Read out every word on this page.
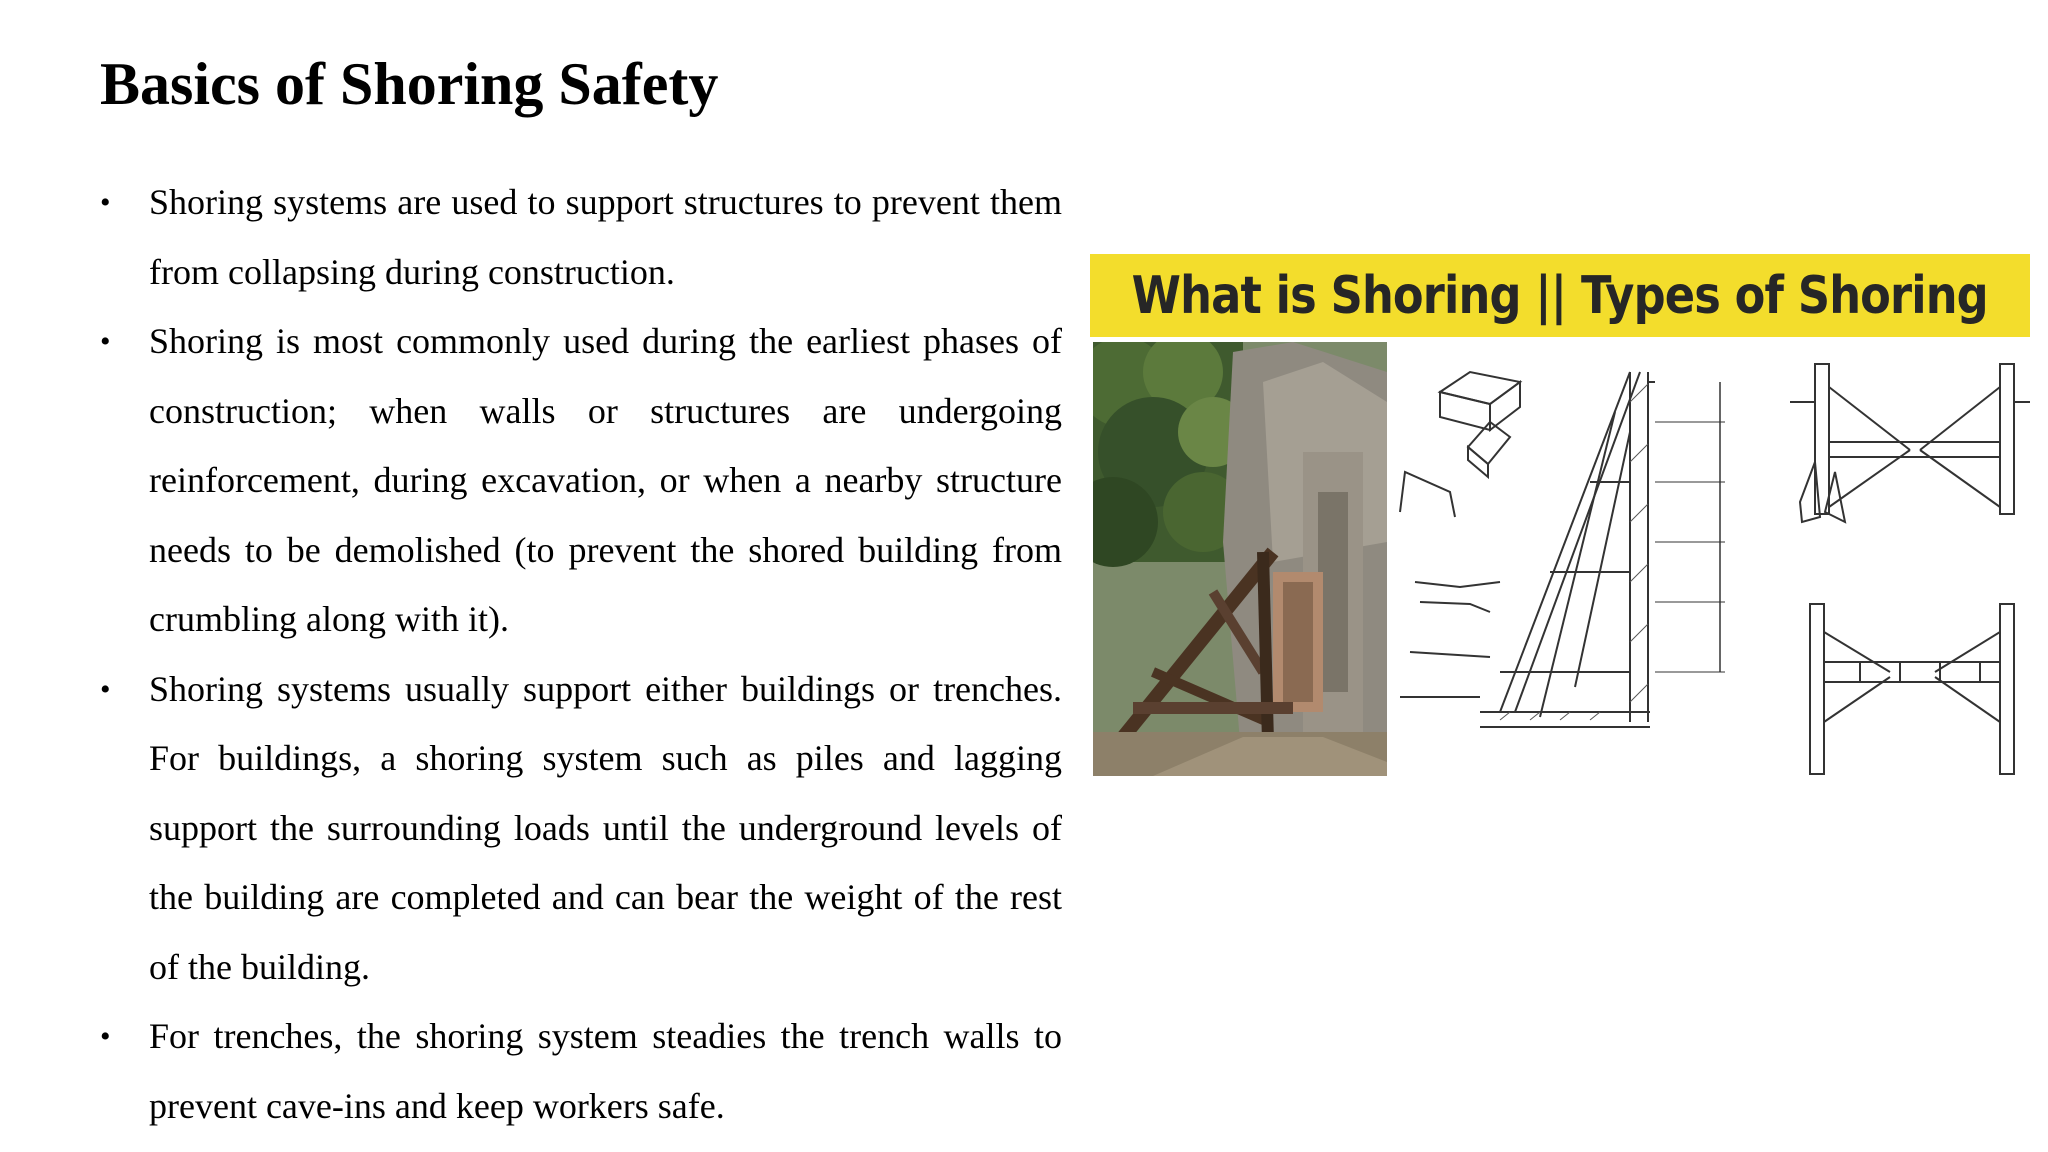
Basics of Shoring Safety
• Shoring systems are used to support structures to prevent them from collapsing during construction.
• Shoring is most commonly used during the earliest phases of construction; when walls or structures are undergoing reinforcement, during excavation, or when a nearby structure needs to be demolished (to prevent the shored building from crumbling along with it).
• Shoring systems usually support either buildings or trenches. For buildings, a shoring system such as piles and lagging support the surrounding loads until the underground levels of the building are completed and can bear the weight of the rest of the building.
• For trenches, the shoring system steadies the trench walls to prevent cave-ins and keep workers safe.
What is Shoring || Types of Shoring
